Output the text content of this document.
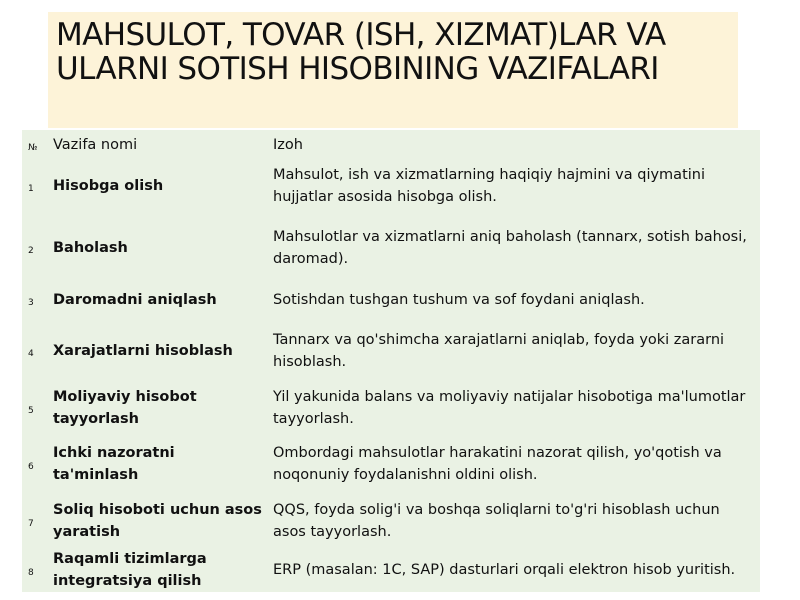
MAHSULOT, TOVAR (ISH, XIZMAT)LAR VA ULARNI SOTISH HISOBINING VAZIFALARI
№	Vazifa nomi	Izoh
1	Hisobga olish	Mahsulot, ish va xizmatlarning haqiqiy hajmini va qiymatini hujjatlar asosida hisobga olish.
2	Baholash	Mahsulotlar va xizmatlarni aniq baholash (tannarx, sotish bahosi, daromad).
3	Daromadni aniqlash	Sotishdan tushgan tushum va sof foydani aniqlash.
4	Xarajatlarni hisoblash	Tannarx va qo'shimcha xarajatlarni aniqlab, foyda yoki zararni hisoblash.
5	Moliyaviy hisobot tayyorlash	Yil yakunida balans va moliyaviy natijalar hisobotiga ma'lumotlar tayyorlash.
6	Ichki nazoratni ta'minlash	Ombordagi mahsulotlar harakatini nazorat qilish, yo'qotish va noqonuniy foydalanishni oldini olish.
7	Soliq hisoboti uchun asos yaratish	QQS, foyda solig'i va boshqa soliqlarni to'g'ri hisoblash uchun asos tayyorlash.
8	Raqamli tizimlarga integratsiya qilish	ERP (masalan: 1C, SAP) dasturlari orqali elektron hisob yuritish.
